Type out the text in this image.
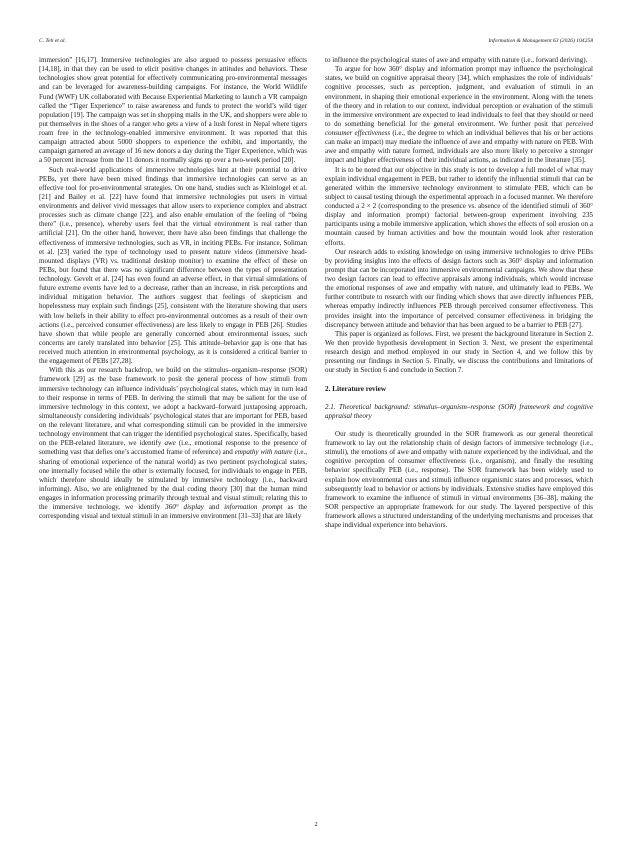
C. Teh et al.	Information & Management 63 (2026) 104258

immersion” [16,17]. Immersive technologies are also argued to possess persuasive effects [14,18], in that they can be used to elicit positive changes in attitudes and behaviors. These technologies show great potential for effectively communicating pro-environmental messages and can be leveraged for awareness-building campaigns. For instance, the World Wildlife Fund (WWF) UK collaborated with Because Experiential Marketing to launch a VR campaign called the “Tiger Experience” to raise awareness and funds to protect the world’s wild tiger population [19]. The campaign was set in shopping malls in the UK, and shoppers were able to put themselves in the shoes of a ranger who gets a view of a lush forest in Nepal where tigers roam free in the technology-enabled immersive environment. It was reported that this campaign attracted about 5000 shoppers to experience the exhibit, and importantly, the campaign garnered an average of 16 new donors a day during the Tiger Experience, which was a 50 percent increase from the 11 donors it normally signs up over a two-week period [20].

Such real-world applications of immersive technologies hint at their potential to drive PEBs, yet there have been mixed findings that immersive technologies can serve as an effective tool for pro-environmental strategies. On one hand, studies such as Kleinlogel et al. [21] and Bailey et al. [22] have found that immersive technologies put users in virtual environments and deliver vivid messages that allow users to experience complex and abstract processes such as climate change [22], and also enable emulation of the feeling of “being there” (i.e., presence), whereby users feel that the virtual environment is real rather than artificial [21]. On the other hand, however, there have also been findings that challenge the effectiveness of immersive technologies, such as VR, in inciting PEBs. For instance, Soliman et al. [23] varied the type of technology used to present nature videos (immersive head-mounted displays (VR) vs. traditional desktop monitor) to examine the effect of these on PEBs, but found that there was no significant difference between the types of presentation technology. Gevelt et al. [24] has even found an adverse effect, in that virtual simulations of future extreme events have led to a decrease, rather than an increase, in risk perceptions and individual mitigation behavior. The authors suggest that feelings of skepticism and hopelessness may explain such findings [25], consistent with the literature showing that users with low beliefs in their ability to effect pro-environmental outcomes as a result of their own actions (i.e., perceived consumer effectiveness) are less likely to engage in PEB [26]. Studies have shown that while people are generally concerned about environmental issues, such concerns are rarely translated into behavior [25]. This attitude–behavior gap is one that has received much attention in environmental psychology, as it is considered a critical barrier to the engagement of PEBs [27,28].

With this as our research backdrop, we build on the stimulus–organism–response (SOR) framework [29] as the base framework to posit the general process of how stimuli from immersive technology can influence individuals’ psychological states, which may in turn lead to their response in terms of PEB. In deriving the stimuli that may be salient for the use of immersive technology in this context, we adopt a backward–forward juxtaposing approach, simultaneously considering individuals’ psychological states that are important for PEB, based on the relevant literature, and what corresponding stimuli can be provided in the immersive technology environment that can trigger the identified psychological states. Specifically, based on the PEB-related literature, we identify awe (i.e., emotional response to the presence of something vast that defies one’s accustomed frame of reference) and empathy with nature (i.e., sharing of emotional experience of the natural world) as two pertinent psychological states, one internally focused while the other is externally focused, for individuals to engage in PEB, which therefore should ideally be stimulated by immersive technology (i.e., backward informing). Also, we are enlightened by the dual coding theory [30] that the human mind engages in information processing primarily through textual and visual stimuli; relating this to the immersive technology, we identify 360° display and information prompt as the corresponding visual and textual stimuli in an immersive environment [31–33] that are likely

to influence the psychological states of awe and empathy with nature (i.e., forward deriving).

To argue for how 360° display and information prompt may influence the psychological states, we build on cognitive appraisal theory [34], which emphasizes the role of individuals’ cognitive processes, such as perception, judgment, and evaluation of stimuli in an environment, in shaping their emotional experience in the environment. Along with the tenets of the theory and in relation to our context, individual perception or evaluation of the stimuli in the immersive environment are expected to lead individuals to feel that they should or need to do something beneficial for the general environment. We further posit that perceived consumer effectiveness (i.e., the degree to which an individual believes that his or her actions can make an impact) may mediate the influence of awe and empathy with nature on PEB. With awe and empathy with nature formed, individuals are also more likely to perceive a stronger impact and higher effectiveness of their individual actions, as indicated in the literature [35].

It is to be noted that our objective in this study is not to develop a full model of what may explain individual engagement in PEB, but rather to identify the influential stimuli that can be generated within the immersive technology environment to stimulate PEB, which can be subject to causal testing through the experimental approach in a focused manner. We therefore conducted a 2 × 2 (corresponding to the presence vs. absence of the identified stimuli of 360° display and information prompt) factorial between-group experiment involving 235 participants using a mobile immersive application, which shows the effects of soil erosion on a mountain caused by human activities and how the mountain would look after restoration efforts.

Our research adds to existing knowledge on using immersive technologies to drive PEBs by providing insights into the effects of design factors such as 360° display and information prompt that can be incorporated into immersive environmental campaigns. We show that these two design factors can lead to effective appraisals among individuals, which would increase the emotional responses of awe and empathy with nature, and ultimately lead to PEBs. We further contribute to research with our finding which shows that awe directly influences PEB, whereas empathy indirectly influences PEB through perceived consumer effectiveness. This provides insight into the importance of perceived consumer effectiveness in bridging the discrepancy between attitude and behavior that has been argued to be a barrier to PEB [27].

This paper is organized as follows. First, we present the background literature in Section 2. We then provide hypothesis development in Section 3. Next, we present the experimental research design and method employed in our study in Section 4, and we follow this by presenting our findings in Section 5. Finally, we discuss the contributions and limitations of our study in Section 6 and conclude in Section 7.

2. Literature review
2.1. Theoretical background: stimulus–organism–response (SOR) framework and cognitive appraisal theory

Our study is theoretically grounded in the SOR framework as our general theoretical framework to lay out the relationship chain of design factors of immersive technology (i.e., stimuli), the emotions of awe and empathy with nature experienced by the individual, and the cognitive perception of consumer effectiveness (i.e., organism), and finally the resulting behavior specifically PEB (i.e., response). The SOR framework has been widely used to explain how environmental cues and stimuli influence organismic states and processes, which subsequently lead to behavior or actions by individuals. Extensive studies have employed this framework to examine the influence of stimuli in virtual environments [36–38], making the SOR perspective an appropriate framework for our study. The layered perspective of this framework allows a structured understanding of the underlying mechanisms and processes that shape individual experience into behaviors.

2
